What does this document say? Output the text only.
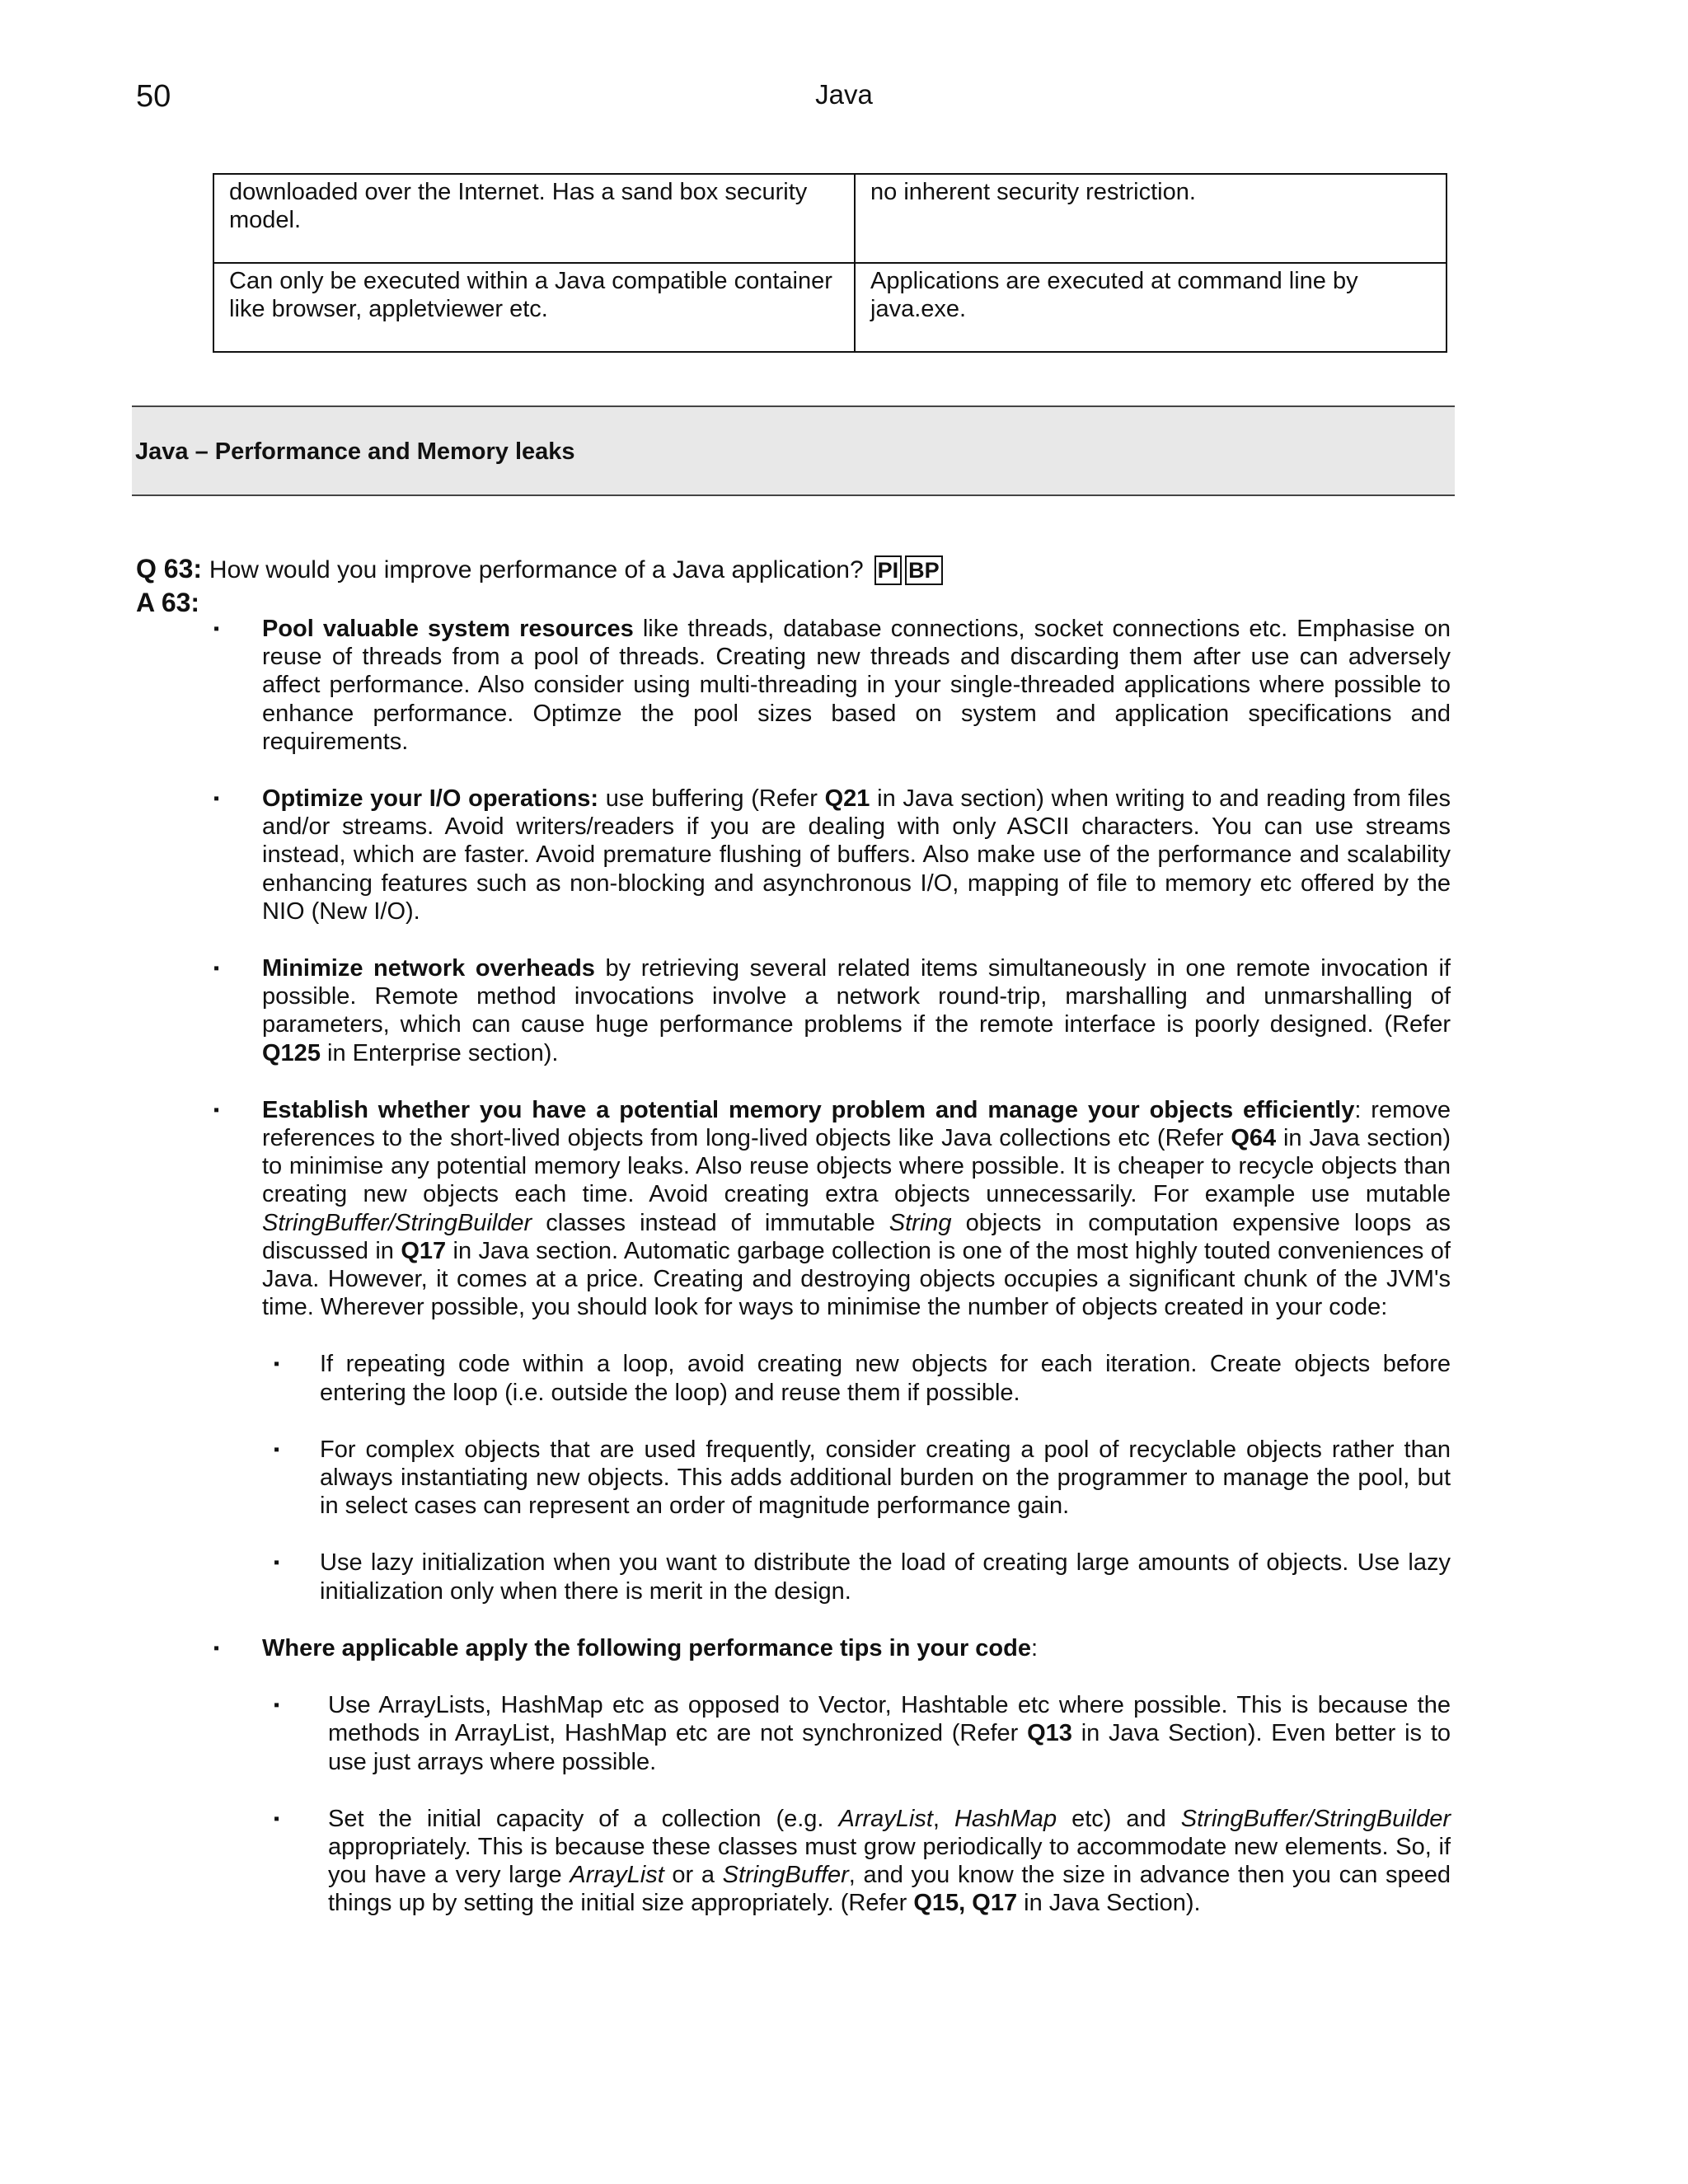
50	Java
downloaded over the Internet. Has a sand box security model.	no inherent security restriction.
Can only be executed within a Java compatible container like browser, appletviewer etc.	Applications are executed at command line by java.exe.
Java – Performance and Memory leaks
Q 63: How would you improve performance of a Java application? PI BP
A 63:
▪ Pool valuable system resources like threads, database connections, socket connections etc. Emphasise on reuse of threads from a pool of threads. Creating new threads and discarding them after use can adversely affect performance. Also consider using multi-threading in your single-threaded applications where possible to enhance performance. Optimze the pool sizes based on system and application specifications and requirements.
▪ Optimize your I/O operations: use buffering (Refer Q21 in Java section) when writing to and reading from files and/or streams. Avoid writers/readers if you are dealing with only ASCII characters. You can use streams instead, which are faster. Avoid premature flushing of buffers. Also make use of the performance and scalability enhancing features such as non-blocking and asynchronous I/O, mapping of file to memory etc offered by the NIO (New I/O).
▪ Minimize network overheads by retrieving several related items simultaneously in one remote invocation if possible. Remote method invocations involve a network round-trip, marshalling and unmarshalling of parameters, which can cause huge performance problems if the remote interface is poorly designed. (Refer Q125 in Enterprise section).
▪ Establish whether you have a potential memory problem and manage your objects efficiently: remove references to the short-lived objects from long-lived objects like Java collections etc (Refer Q64 in Java section) to minimise any potential memory leaks. Also reuse objects where possible. It is cheaper to recycle objects than creating new objects each time. Avoid creating extra objects unnecessarily. For example use mutable StringBuffer/StringBuilder classes instead of immutable String objects in computation expensive loops as discussed in Q17 in Java section. Automatic garbage collection is one of the most highly touted conveniences of Java. However, it comes at a price. Creating and destroying objects occupies a significant chunk of the JVM's time. Wherever possible, you should look for ways to minimise the number of objects created in your code:
▪ If repeating code within a loop, avoid creating new objects for each iteration. Create objects before entering the loop (i.e. outside the loop) and reuse them if possible.
▪ For complex objects that are used frequently, consider creating a pool of recyclable objects rather than always instantiating new objects. This adds additional burden on the programmer to manage the pool, but in select cases can represent an order of magnitude performance gain.
▪ Use lazy initialization when you want to distribute the load of creating large amounts of objects. Use lazy initialization only when there is merit in the design.
▪ Where applicable apply the following performance tips in your code:
▪ Use ArrayLists, HashMap etc as opposed to Vector, Hashtable etc where possible. This is because the methods in ArrayList, HashMap etc are not synchronized (Refer Q13 in Java Section). Even better is to use just arrays where possible.
▪ Set the initial capacity of a collection (e.g. ArrayList, HashMap etc) and StringBuffer/StringBuilder appropriately. This is because these classes must grow periodically to accommodate new elements. So, if you have a very large ArrayList or a StringBuffer, and you know the size in advance then you can speed things up by setting the initial size appropriately. (Refer Q15, Q17 in Java Section).
